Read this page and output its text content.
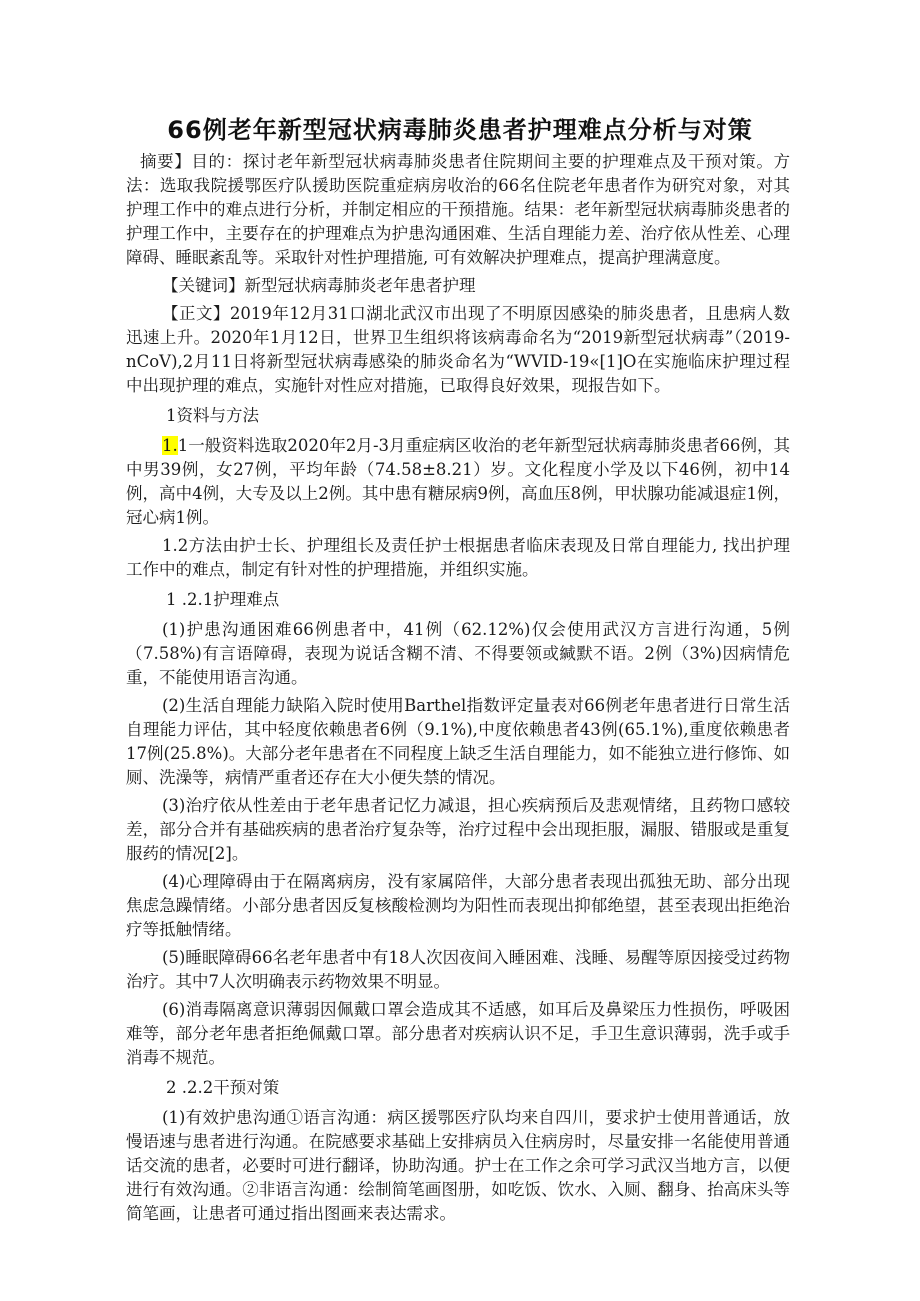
66例老年新型冠状病毒肺炎患者护理难点分析与对策

摘要】目的：探讨老年新型冠状病毒肺炎患者住院期间主要的护理难点及干预对策。方法：选取我院援鄂医疗队援助医院重症病房收治的66名住院老年患者作为研究对象，对其护理工作中的难点进行分析，并制定相应的干预措施。结果：老年新型冠状病毒肺炎患者的护理工作中，主要存在的护理难点为护患沟通困难、生活自理能力差、治疗依从性差、心理障碍、睡眠紊乱等。采取针对性护理措施, 可有效解决护理难点，提高护理满意度。

【关键词】新型冠状病毒肺炎老年患者护理

【正文】2019年12月31口湖北武汉市出现了不明原因感染的肺炎患者，且患病人数迅速上升。2020年1月12日，世界卫生组织将该病毒命名为“2019新型冠状病毒”（2019-nCoV),2月11日将新型冠状病毒感染的肺炎命名为“WVID-19«[1]O在实施临床护理过程中出现护理的难点，实施针对性应对措施，已取得良好效果，现报告如下。

1资料与方法

1.1一般资料选取2020年2月-3月重症病区收治的老年新型冠状病毒肺炎患者66例，其中男39例，女27例，平均年龄（74.58±8.21）岁。文化程度小学及以下46例，初中14例，高中4例，大专及以上2例。其中患有糖尿病9例，高血压8例，甲状腺功能减退症1例，冠心病1例。

1.2方法由护士长、护理组长及责任护士根据患者临床表现及日常自理能力, 找出护理工作中的难点，制定有针对性的护理措施，并组织实施。

1 .2.1护理难点

(1)护患沟通困难66例患者中，41例（62.12%)仅会使用武汉方言进行沟通，5例（7.58%)有言语障碍，表现为说话含糊不清、不得要领或緘默不语。2例（3%)因病情危重，不能使用语言沟通。

(2)生活自理能力缺陷入院时使用Barthel指数评定量表对66例老年患者进行日常生活自理能力评估，其中轻度依赖患者6例（9.1%),中度依赖患者43例(65.1%),重度依赖患者17例(25.8%)。大部分老年患者在不同程度上缺乏生活自理能力，如不能独立进行修饰、如厕、洗澡等，病情严重者还存在大小便失禁的情况。

(3)治疗依从性差由于老年患者记忆力减退，担心疾病预后及悲观情绪，且药物口感较差，部分合并有基础疾病的患者治疗复杂等，治疗过程中会出现拒服，漏服、错服或是重复服药的情况[2]。

(4)心理障碍由于在隔离病房，没有家属陪伴，大部分患者表现出孤独无助、部分出现焦虑急躁情绪。小部分患者因反复核酸检测均为阳性而表现出抑郁绝望，甚至表现出拒绝治疗等抵触情绪。

(5)睡眠障碍66名老年患者中有18人次因夜间入睡困难、浅睡、易醒等原因接受过药物治疗。其中7人次明确表示药物效果不明显。

(6)消毒隔离意识薄弱因佩戴口罩会造成其不适感，如耳后及鼻梁压力性损伤，呼吸困难等，部分老年患者拒绝佩戴口罩。部分患者对疾病认识不足，手卫生意识薄弱，洗手或手消毒不规范。

2 .2.2干预对策

(1)有效护患沟通①语言沟通：病区援鄂医疗队均来自四川，要求护士使用普通话，放慢语速与患者进行沟通。在院感要求基础上安排病员入住病房时，尽量安排一名能使用普通话交流的患者，必要时可进行翻译，协助沟通。护士在工作之余可学习武汉当地方言，以便进行有效沟通。②非语言沟通：绘制简笔画图册，如吃饭、饮水、入厕、翻身、抬高床头等简笔画，让患者可通过指出图画来表达需求。
